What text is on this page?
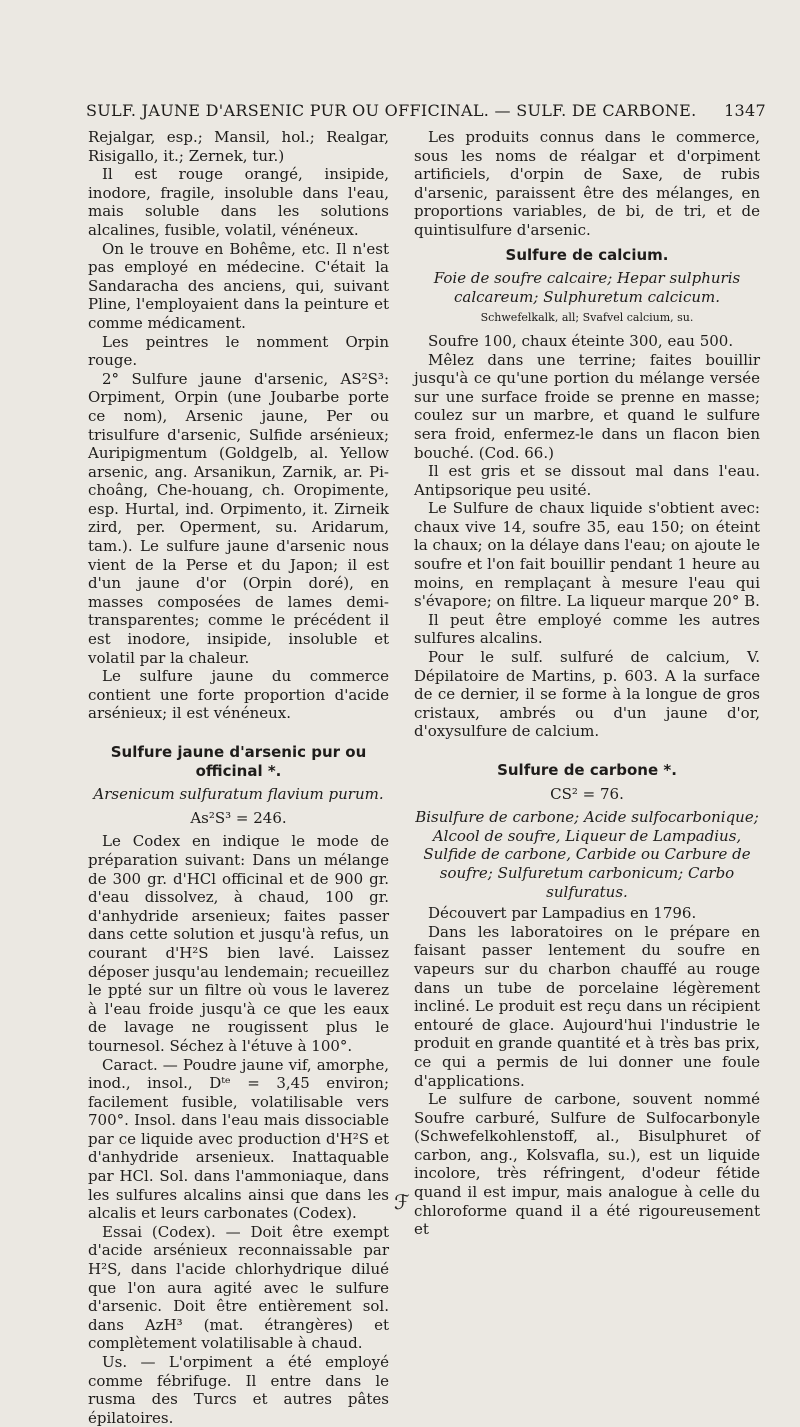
SULF. JAUNE D'ARSENIC PUR OU OFFICINAL. — SULF. DE CARBONE. 1347

Rejalgar, esp.; Mansil, hol.; Realgar, Risigallo, it.; Zernek, tur.)

Il est rouge orangé, insipide, inodore, fragile, insoluble dans l'eau, mais soluble dans les solutions alcalines, fusible, volatil, vénéneux.

On le trouve en Bohême, etc. Il n'est pas employé en médecine. C'était la Sandaracha des anciens, qui, suivant Pline, l'employaient dans la peinture et comme médicament.

Les peintres le nomment Orpin rouge.

2° Sulfure jaune d'arsenic, AS²S³: Orpiment, Orpin (une Joubarbe porte ce nom), Arsenic jaune, Per ou trisulfure d'arsenic, Sulfide arsénieux; Auripigmentum (Goldgelb, al. Yellow arsenic, ang. Arsanikun, Zarnik, ar. Pi-choâng, Che-houang, ch. Oropimente, esp. Hurtal, ind. Orpimento, it. Zirneik zird, per. Operment, su. Aridarum, tam.). Le sulfure jaune d'arsenic nous vient de la Perse et du Japon; il est d'un jaune d'or (Orpin doré), en masses composées de lames demi-transparentes; comme le précédent il est inodore, insipide, insoluble et volatil par la chaleur.

Le sulfure jaune du commerce contient une forte proportion d'acide arsénieux; il est vénéneux.

Sulfure jaune d'arsenic pur ou officinal *.

Arsenicum sulfuratum flavium purum.

As²S³ = 246.

Le Codex en indique le mode de préparation suivant: Dans un mélange de 300 gr. d'HCl officinal et de 900 gr. d'eau dissolvez, à chaud, 100 gr. d'anhydride arsenieux; faites passer dans cette solution et jusqu'à refus, un courant d'H²S bien lavé. Laissez déposer jusqu'au lendemain; recueillez le ppté sur un filtre où vous le laverez à l'eau froide jusqu'à ce que les eaux de lavage ne rougissent plus le tournesol. Séchez à l'étuve à 100°.

Caract. — Poudre jaune vif, amorphe, inod., insol., Dᵗᵉ = 3,45 environ; facilement fusible, volatilisable vers 700°. Insol. dans l'eau mais dissociable par ce liquide avec production d'H²S et d'anhydride arsenieux. Inattaquable par HCl. Sol. dans l'ammoniaque, dans les sulfures alcalins ainsi que dans les alcalis et leurs carbonates (Codex).

Essai (Codex). — Doit être exempt d'acide arsénieux reconnaissable par H²S, dans l'acide chlorhydrique dilué que l'on aura agité avec le sulfure d'arsenic. Doit être entièrement sol. dans AzH³ (mat. étrangères) et complètement volatilisable à chaud.

Us. — L'orpiment a été employé comme fébrifuge. Il entre dans le rusma des Turcs et autres pâtes épilatoires.

Les produits connus dans le commerce, sous les noms de réalgar et d'orpiment artificiels, d'orpin de Saxe, de rubis d'arsenic, paraissent être des mélanges, en proportions variables, de bi, de tri, et de quintisulfure d'arsenic.

Sulfure de calcium.

Foie de soufre calcaire; Hepar sulphuris calcareum; Sulphuretum calcicum.

Schwefelkalk, all; Svafvel calcium, su.

Soufre 100, chaux éteinte 300, eau 500.

Mêlez dans une terrine; faites bouillir jusqu'à ce qu'une portion du mélange versée sur une surface froide se prenne en masse; coulez sur un marbre, et quand le sulfure sera froid, enfermez-le dans un flacon bien bouché. (Cod. 66.)

Il est gris et se dissout mal dans l'eau. Antipsorique peu usité.

Le Sulfure de chaux liquide s'obtient avec: chaux vive 14, soufre 35, eau 150; on éteint la chaux; on la délaye dans l'eau; on ajoute le soufre et l'on fait bouillir pendant 1 heure au moins, en remplaçant à mesure l'eau qui s'évapore; on filtre. La liqueur marque 20° B.

Il peut être employé comme les autres sulfures alcalins.

Pour le sulf. sulfuré de calcium, V. Dépilatoire de Martins, p. 603. A la surface de ce dernier, il se forme à la longue de gros cristaux, ambrés ou d'un jaune d'or, d'oxysulfure de calcium.

Sulfure de carbone *.

CS² = 76.

Bisulfure de carbone; Acide sulfocarbonique; Alcool de soufre, Liqueur de Lampadius, Sulfide de carbone, Carbide ou Carbure de soufre; Sulfuretum carbonicum; Carbo sulfuratus.

Découvert par Lampadius en 1796.

Dans les laboratoires on le prépare en faisant passer lentement du soufre en vapeurs sur du charbon chauffé au rouge dans un tube de porcelaine légèrement incliné. Le produit est reçu dans un récipient entouré de glace. Aujourd'hui l'industrie le produit en grande quantité et à très bas prix, ce qui a permis de lui donner une foule d'applications.

Le sulfure de carbone, souvent nommé Soufre carburé, Sulfure de Sulfocarbonyle (Schwefelkohlenstoff, al., Bisulphuret of carbon, ang., Kolsvafla, su.), est un liquide incolore, très réfringent, d'odeur fétide quand il est impur, mais analogue à celle du chloroforme quand il a été rigoureusement et

ℱ
